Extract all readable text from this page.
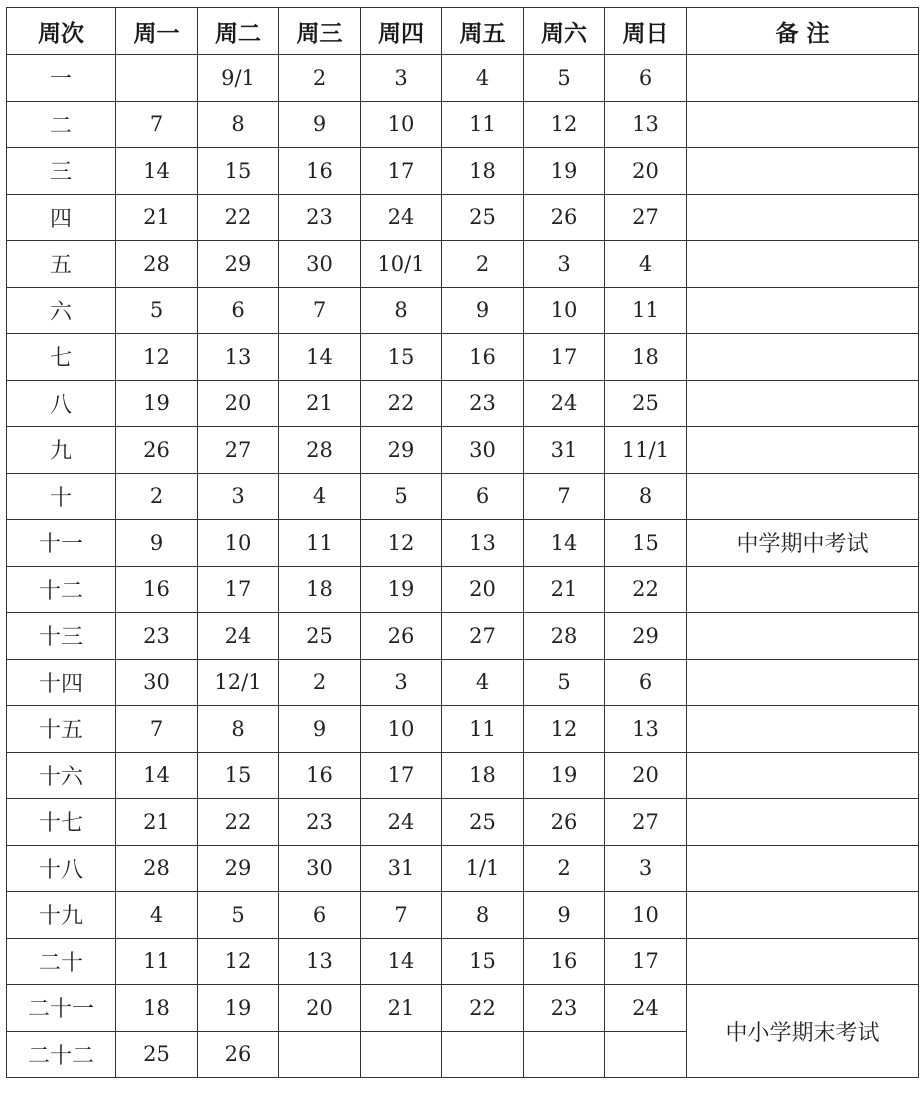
周次	周一	周二	周三	周四	周五	周六	周日	备 注
一		9/1	2	3	4	5	6	
二	7	8	9	10	11	12	13	
三	14	15	16	17	18	19	20	
四	21	22	23	24	25	26	27	
五	28	29	30	10/1	2	3	4	
六	5	6	7	8	9	10	11	
七	12	13	14	15	16	17	18	
八	19	20	21	22	23	24	25	
九	26	27	28	29	30	31	11/1	
十	2	3	4	5	6	7	8	
十一	9	10	11	12	13	14	15	中学期中考试
十二	16	17	18	19	20	21	22	
十三	23	24	25	26	27	28	29	
十四	30	12/1	2	3	4	5	6	
十五	7	8	9	10	11	12	13	
十六	14	15	16	17	18	19	20	
十七	21	22	23	24	25	26	27	
十八	28	29	30	31	1/1	2	3	
十九	4	5	6	7	8	9	10	
二十	11	12	13	14	15	16	17	
二十一	18	19	20	21	22	23	24	中小学期末考试
二十二	25	26						
